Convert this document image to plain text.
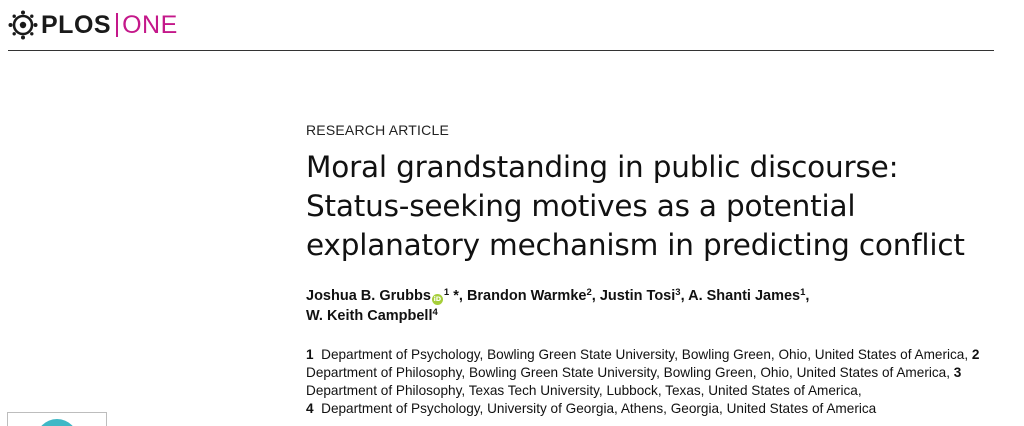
PLOS ONE
RESEARCH ARTICLE
Moral grandstanding in public discourse: Status-seeking motives as a potential explanatory mechanism in predicting conflict
Joshua B. Grubbs $iD^1$ *, Brandon Warmke$^2$, Justin Tosi$^3$, A. Shanti James$^1$,
W. Keith Campbell$^4$
1 Department of Psychology, Bowling Green State University, Bowling Green, Ohio, United States of America, 2  Department of Philosophy, Bowling Green State University, Bowling Green, Ohio, United States of America, 3  Department of Philosophy, Texas Tech University, Lubbock, Texas, United States of America,
4 Department of Psychology, University of Georgia, Athens, Georgia, United States of America
